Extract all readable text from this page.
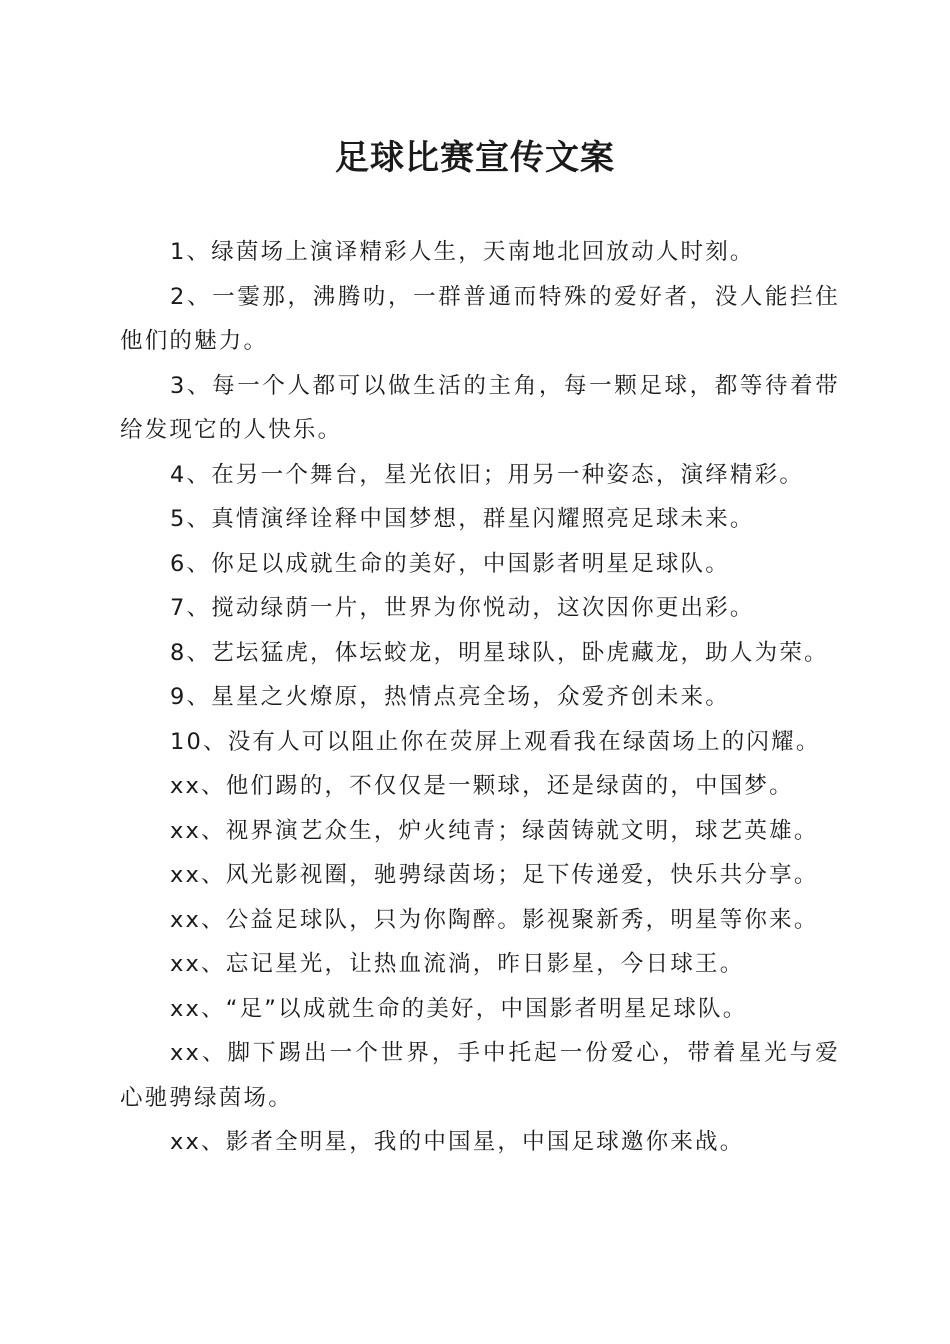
足球比赛宣传文案

1、绿茵场上演译精彩人生，天南地北回放动人时刻。

2、一霎那，沸腾叻，一群普通而特殊的爱好者，没人能拦住他们的魅力。

3、每一个人都可以做生活的主角，每一颗足球，都等待着带给发现它的人快乐。

4、在另一个舞台，星光依旧；用另一种姿态，演绎精彩。

5、真情演绎诠释中国梦想，群星闪耀照亮足球未来。

6、你足以成就生命的美好，中国影者明星足球队。

7、搅动绿荫一片，世界为你悦动，这次因你更出彩。

8、艺坛猛虎，体坛蛟龙，明星球队，卧虎藏龙，助人为荣。

9、星星之火燎原，热情点亮全场，众爱齐创未来。

10、没有人可以阻止你在荧屏上观看我在绿茵场上的闪耀。

xx、他们踢的，不仅仅是一颗球，还是绿茵的，中国梦。

xx、视界演艺众生，炉火纯青；绿茵铸就文明，球艺英雄。

xx、风光影视圈，驰骋绿茵场；足下传递爱，快乐共分享。

xx、公益足球队，只为你陶醉。影视聚新秀，明星等你来。

xx、忘记星光，让热血流淌，昨日影星，今日球王。

xx、“足”以成就生命的美好，中国影者明星足球队。

xx、脚下踢出一个世界，手中托起一份爱心，带着星光与爱心驰骋绿茵场。

xx、影者全明星，我的中国星，中国足球邀你来战。
